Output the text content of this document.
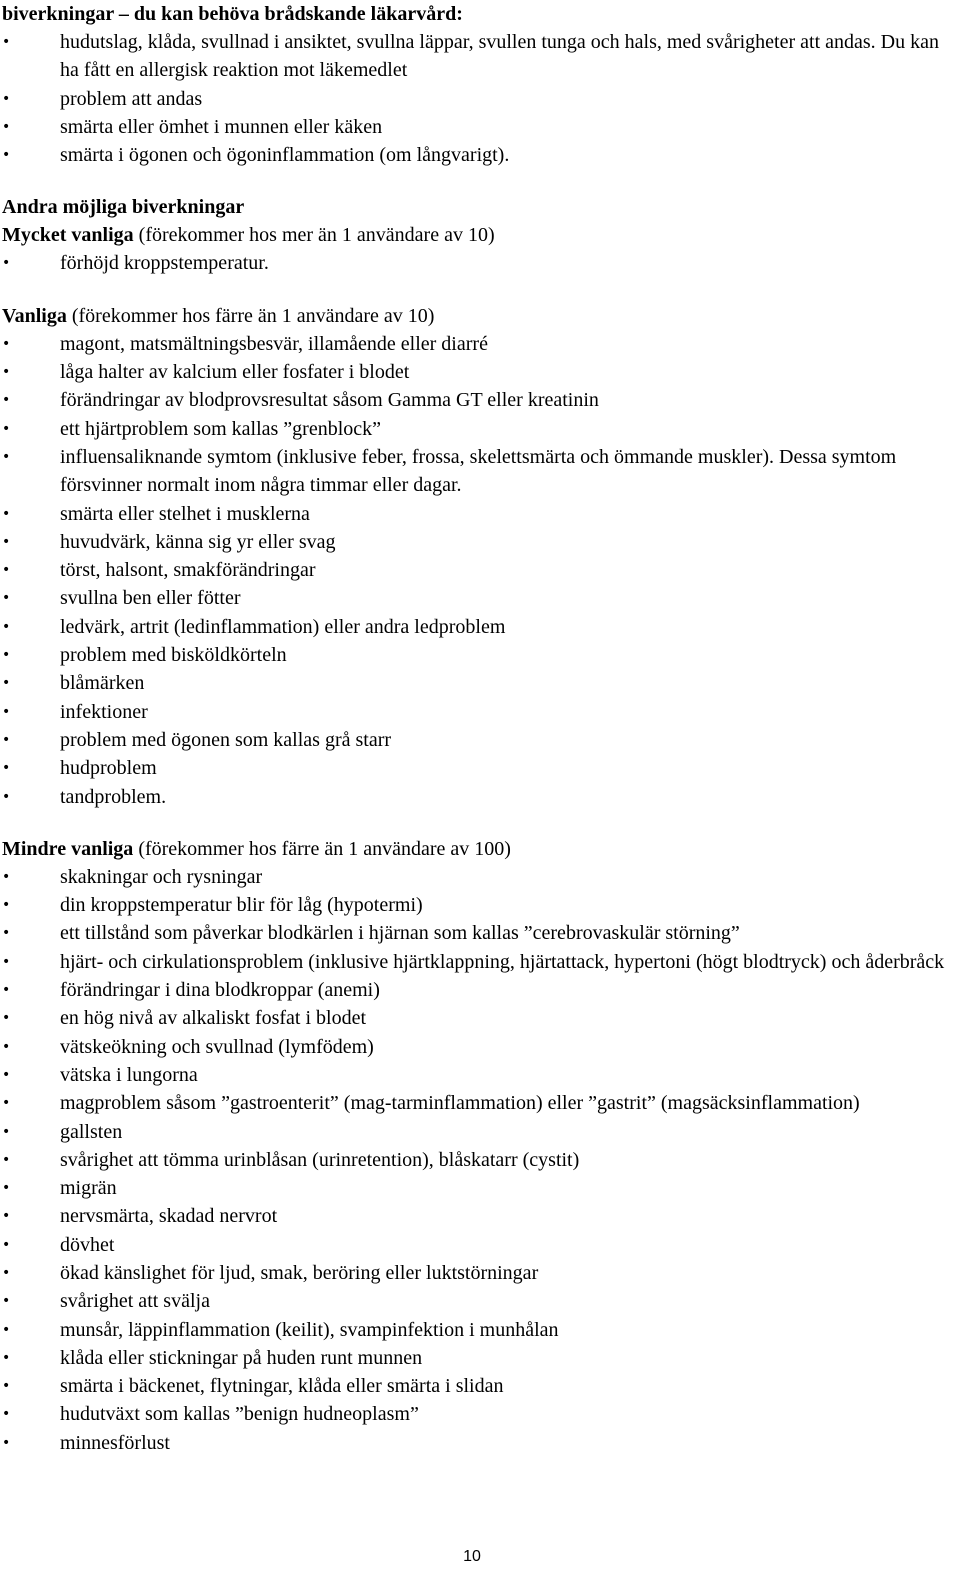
biverkningar – du kan behöva brådskande läkarvård:

•	hudutslag, klåda, svullnad i ansiktet, svullna läppar, svullen tunga och hals, med svårigheter att andas. Du kan ha fått en allergisk reaktion mot läkemedlet
•	problem att andas
•	smärta eller ömhet i munnen eller käken
•	smärta i ögonen och ögoninflammation (om långvarigt).

Andra möjliga biverkningar

Mycket vanliga (förekommer hos mer än 1 användare av 10)

•	förhöjd kroppstemperatur.

Vanliga (förekommer hos färre än 1 användare av 10)

•	magont, matsmältningsbesvär, illamående eller diarré
•	låga halter av kalcium eller fosfater i blodet
•	förändringar av blodprovsresultat såsom Gamma GT eller kreatinin
•	ett hjärtproblem som kallas ”grenblock”
•	influensaliknande symtom (inklusive feber, frossa, skelettsmärta och ömmande muskler). Dessa symtom försvinner normalt inom några timmar eller dagar.
•	smärta eller stelhet i musklerna
•	huvudvärk, känna sig yr eller svag
•	törst, halsont, smakförändringar
•	svullna ben eller fötter
•	ledvärk, artrit (ledinflammation) eller andra ledproblem
•	problem med bisköldkörteln
•	blåmärken
•	infektioner
•	problem med ögonen som kallas grå starr
•	hudproblem
•	tandproblem.

Mindre vanliga (förekommer hos färre än 1 användare av 100)

•	skakningar och rysningar
•	din kroppstemperatur blir för låg (hypotermi)
•	ett tillstånd som påverkar blodkärlen i hjärnan som kallas ”cerebrovaskulär störning”
•	hjärt- och cirkulationsproblem (inklusive hjärtklappning, hjärtattack, hypertoni (högt blodtryck) och åderbråck
•	förändringar i dina blodkroppar (anemi)
•	en hög nivå av alkaliskt fosfat i blodet
•	vätskeökning och svullnad (lymfödem)
•	vätska i lungorna
•	magproblem såsom ”gastroenterit” (mag-tarminflammation) eller ”gastrit” (magsäcksinflammation)
•	gallsten
•	svårighet att tömma urinblåsan (urinretention), blåskatarr (cystit)
•	migrän
•	nervsmärta, skadad nervrot
•	dövhet
•	ökad känslighet för ljud, smak, beröring eller luktstörningar
•	svårighet att svälja
•	munsår, läppinflammation (keilit), svampinfektion i munhålan
•	klåda eller stickningar på huden runt munnen
•	smärta i bäckenet, flytningar, klåda eller smärta i slidan
•	hudutväxt som kallas ”benign hudneoplasm”
•	minnesförlust
10
